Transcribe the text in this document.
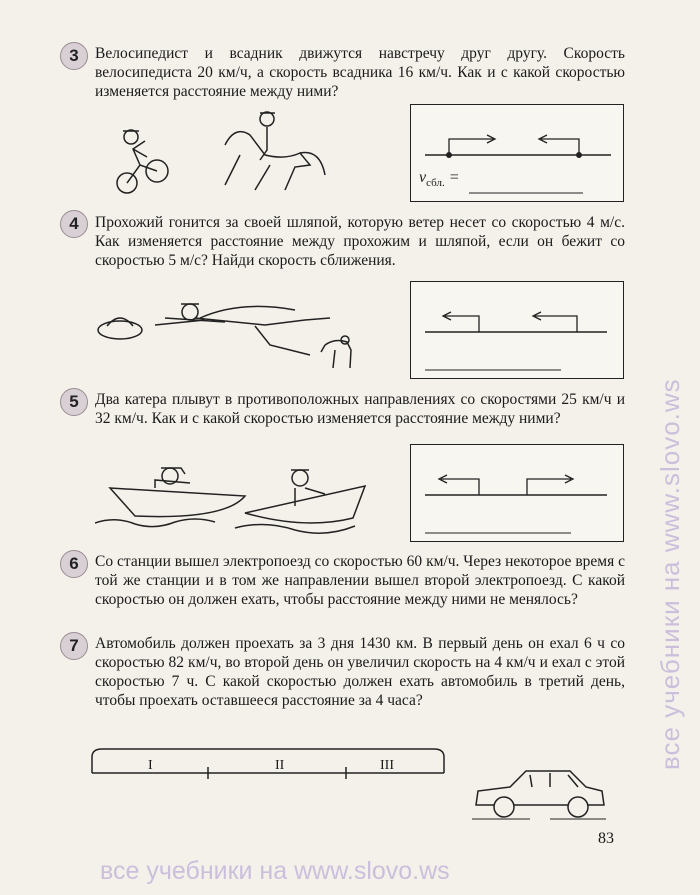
3	Велосипедист и всадник движутся навстречу друг другу. Скорость велосипедиста 20 км/ч, а скорость всадника 16 км/ч. Как и с какой скоростью изменяется расстояние между ними?
$v_{сбл.}$ =
4	Прохожий гонится за своей шляпой, которую ветер несет со скоростью 4 м/с. Как изменяется расстояние между прохожим и шляпой, если он бежит со скоростью 5 м/с? Найди скорость сближения.
5	Два катера плывут в противоположных направлениях со скоростями 25 км/ч и 32 км/ч. Как и с какой скоростью изменяется расстояние между ними?
6	Со станции вышел электропоезд со скоростью 60 км/ч. Через некоторое время с той же станции и в том же направлении вышел второй электропоезд. С какой скоростью он должен ехать, чтобы расстояние между ними не менялось?
7	Автомобиль должен проехать за 3 дня 1430 км. В первый день он ехал 6 ч со скоростью 82 км/ч, во второй день он увеличил скорость на 4 км/ч и ехал с этой скоростью 7 ч. С какой скоростью должен ехать автомобиль в третий день, чтобы проехать оставшееся расстояние за 4 часа?
I	II	III
83
все учебники на www.slovo.ws
все учебники на www.slovo.ws
